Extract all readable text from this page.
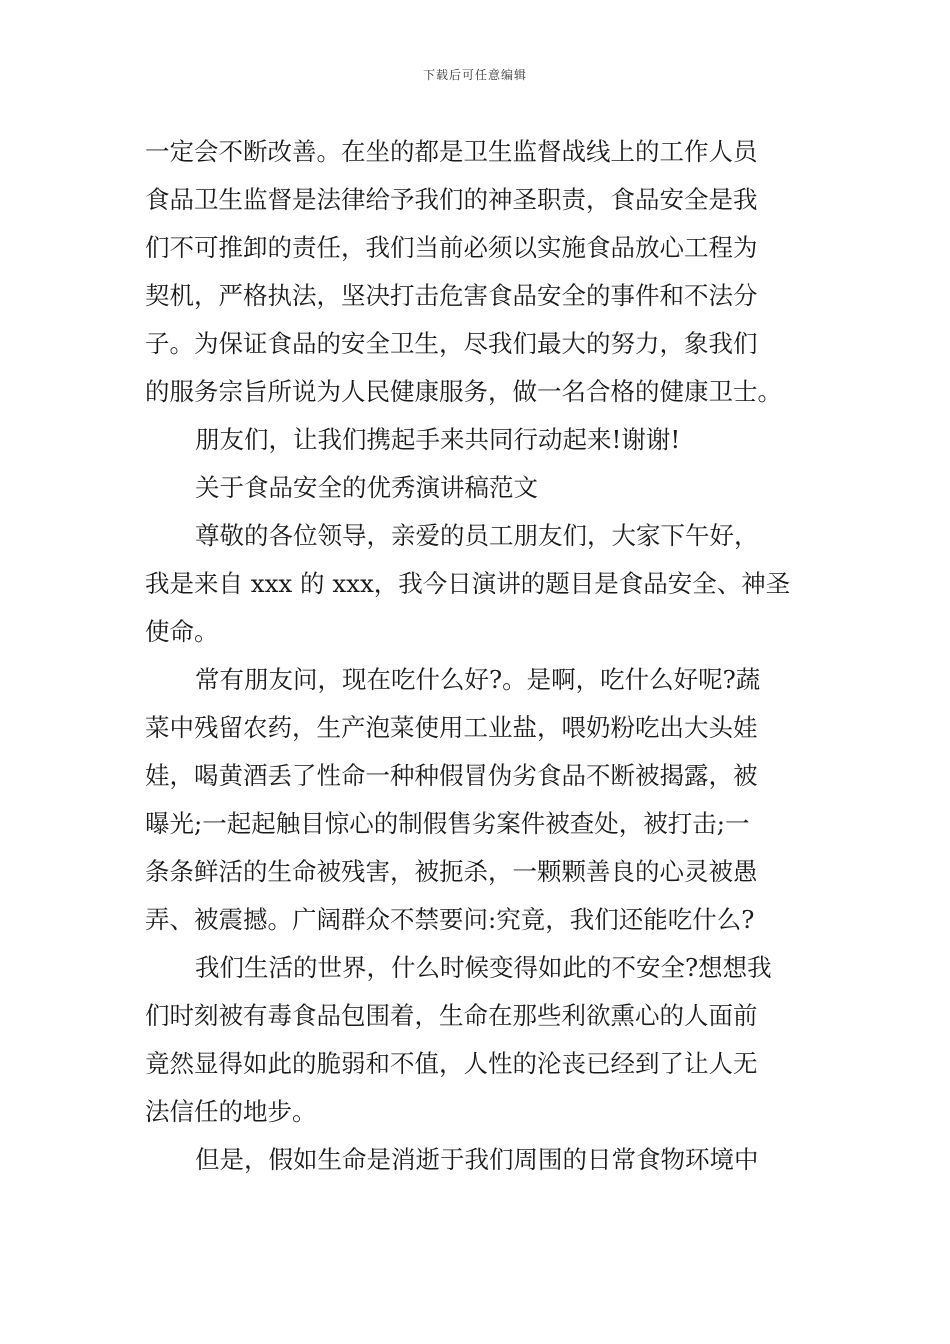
下载后可任意编辑
一定会不断改善。在坐的都是卫生监督战线上的工作人员
食品卫生监督是法律给予我们的神圣职责，食品安全是我
们不可推卸的责任，我们当前必须以实施食品放心工程为
契机，严格执法，坚决打击危害食品安全的事件和不法分
子。为保证食品的安全卫生，尽我们最大的努力，象我们
的服务宗旨所说为人民健康服务，做一名合格的健康卫士。
朋友们，让我们携起手来共同行动起来!谢谢!
关于食品安全的优秀演讲稿范文
尊敬的各位领导，亲爱的员工朋友们，大家下午好，
我是来自 xxx 的 xxx，我今日演讲的题目是食品安全、神圣
使命。
常有朋友问，现在吃什么好?。是啊，吃什么好呢?蔬
菜中残留农药，生产泡菜使用工业盐，喂奶粉吃出大头娃
娃，喝黄酒丢了性命一种种假冒伪劣食品不断被揭露，被
曝光;一起起触目惊心的制假售劣案件被查处，被打击;一
条条鲜活的生命被残害，被扼杀，一颗颗善良的心灵被愚
弄、被震撼。广阔群众不禁要问:究竟，我们还能吃什么?
我们生活的世界，什么时候变得如此的不安全?想想我
们时刻被有毒食品包围着，生命在那些利欲熏心的人面前
竟然显得如此的脆弱和不值，人性的沦丧已经到了让人无
法信任的地步。
但是，假如生命是消逝于我们周围的日常食物环境中
